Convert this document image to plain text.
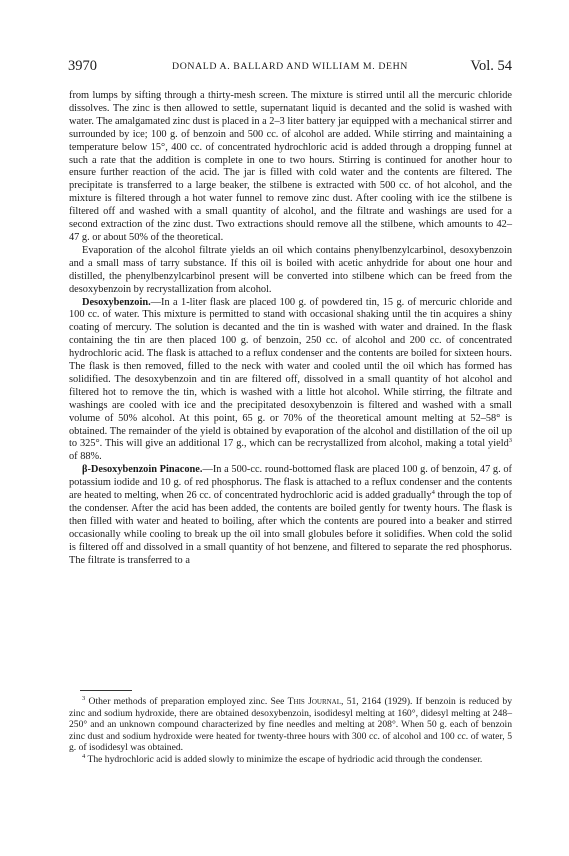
3970	DONALD A. BALLARD AND WILLIAM M. DEHN	Vol. 54

from lumps by sifting through a thirty-mesh screen. The mixture is stirred until all the mercuric chloride dissolves. The zinc is then allowed to settle, supernatant liquid is decanted and the solid is washed with water. The amalgamated zinc dust is placed in a 2–3 liter battery jar equipped with a mechanical stirrer and surrounded by ice; 100 g. of benzoin and 500 cc. of alcohol are added. While stirring and maintaining a temperature below 15°, 400 cc. of concentrated hydrochloric acid is added through a dropping funnel at such a rate that the addition is complete in one to two hours. Stirring is continued for another hour to ensure further reaction of the acid. The jar is filled with cold water and the contents are filtered. The precipitate is transferred to a large beaker, the stilbene is extracted with 500 cc. of hot alcohol, and the mixture is filtered through a hot water funnel to remove zinc dust. After cooling with ice the stilbene is filtered off and washed with a small quantity of alcohol, and the filtrate and washings are used for a second extraction of the zinc dust. Two extractions should remove all the stilbene, which amounts to 42–47 g. or about 50% of the theoretical.

Evaporation of the alcohol filtrate yields an oil which contains phenylbenzylcarbinol, desoxybenzoin and a small mass of tarry substance. If this oil is boiled with acetic anhydride for about one hour and distilled, the phenylbenzylcarbinol present will be converted into stilbene which can be freed from the desoxybenzoin by recrystallization from alcohol.

Desoxybenzoin.—In a 1-liter flask are placed 100 g. of powdered tin, 15 g. of mercuric chloride and 100 cc. of water. This mixture is permitted to stand with occasional shaking until the tin acquires a shiny coating of mercury. The solution is decanted and the tin is washed with water and drained. In the flask containing the tin are then placed 100 g. of benzoin, 250 cc. of alcohol and 200 cc. of concentrated hydrochloric acid. The flask is attached to a reflux condenser and the contents are boiled for sixteen hours. The flask is then removed, filled to the neck with water and cooled until the oil which has formed has solidified. The desoxybenzoin and tin are filtered off, dissolved in a small quantity of hot alcohol and filtered hot to remove the tin, which is washed with a little hot alcohol. While stirring, the filtrate and washings are cooled with ice and the precipitated desoxybenzoin is filtered and washed with a small volume of 50% alcohol. At this point, 65 g. or 70% of the theoretical amount melting at 52–58° is obtained. The remainder of the yield is obtained by evaporation of the alcohol and distillation of the oil up to 325°. This will give an additional 17 g., which can be recrystallized from alcohol, making a total yield$^3$ of 88%.

β-Desoxybenzoin Pinacone.—In a 500-cc. round-bottomed flask are placed 100 g. of benzoin, 47 g. of potassium iodide and 10 g. of red phosphorus. The flask is attached to a reflux condenser and the contents are heated to melting, when 26 cc. of concentrated hydrochloric acid is added gradually$^4$ through the top of the condenser. After the acid has been added, the contents are boiled gently for twenty hours. The flask is then filled with water and heated to boiling, after which the contents are poured into a beaker and stirred occasionally while cooling to break up the oil into small globules before it solidifies. When cold the solid is filtered off and dissolved in a small quantity of hot benzene, and filtered to separate the red phosphorus. The filtrate is transferred to a

$^3$ Other methods of preparation employed zinc. See This Journal, 51, 2164 (1929). If benzoin is reduced by zinc and sodium hydroxide, there are obtained desoxybenzoin, isodidesyl melting at 160°, didesyl melting at 248–250° and an unknown compound characterized by fine needles and melting at 208°. When 50 g. each of benzoin zinc dust and sodium hydroxide were heated for twenty-three hours with 300 cc. of alcohol and 100 cc. of water, 5 g. of isodidesyl was obtained.

$^4$ The hydrochloric acid is added slowly to minimize the escape of hydriodic acid through the condenser.
